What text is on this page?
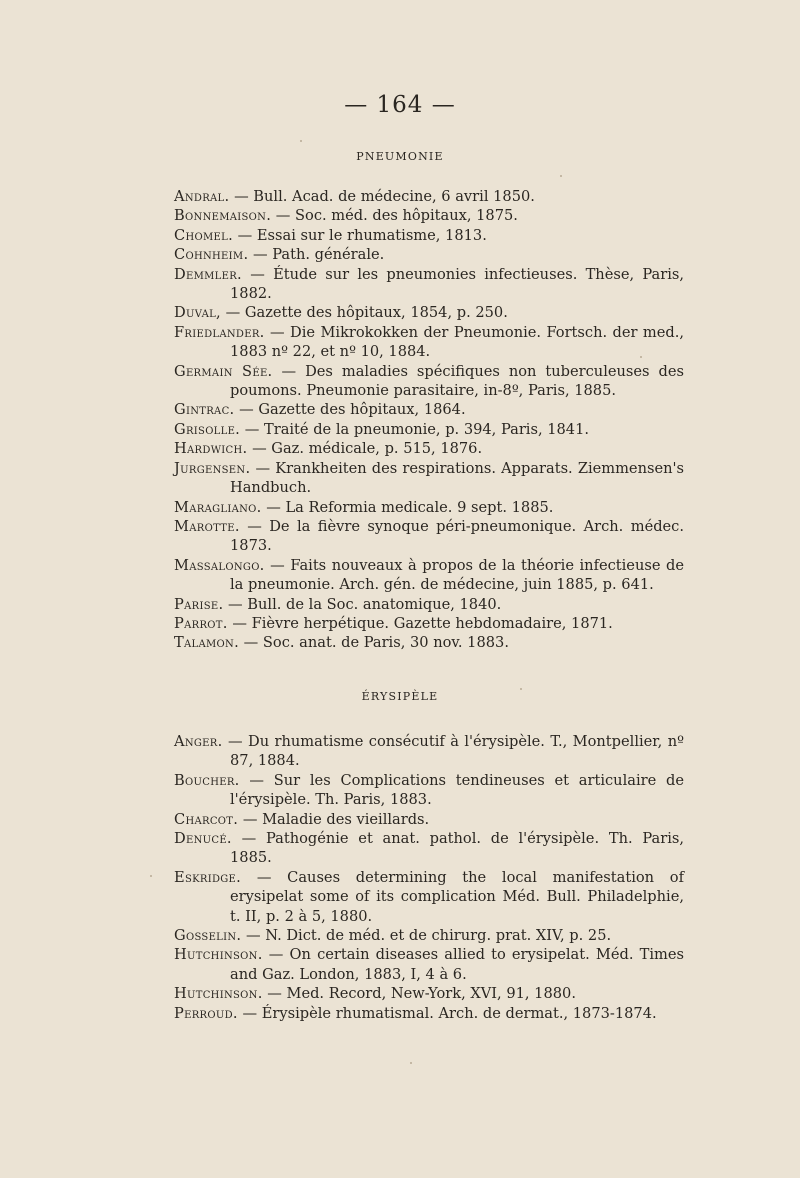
— 164 —
PNEUMONIE
Andral. — Bull. Acad. de médecine, 6 avril 1850.
Bonnemaison. — Soc. méd. des hôpitaux, 1875.
Chomel. — Essai sur le rhumatisme, 1813.
Cohnheim. — Path. générale.
Demmler. — Étude sur les pneumonies infectieuses. Thèse, Paris, 1882.
Duval, — Gazette des hôpitaux, 1854, p. 250.
Friedlander. — Die Mikrokokken der Pneumonie. Fortsch. der med., 1883 nº 22, et nº 10, 1884.
Germain Sée. — Des maladies spécifiques non tuberculeuses des poumons. Pneumonie parasitaire, in-8º, Paris, 1885.
Gintrac. — Gazette des hôpitaux, 1864.
Grisolle. — Traité de la pneumonie, p. 394, Paris, 1841.
Hardwich. — Gaz. médicale, p. 515, 1876.
Jurgensen. — Krankheiten des respirations. Apparats. Ziemmensen's Handbuch.
Maragliano. — La Reformia medicale. 9 sept. 1885.
Marotte. — De la fièvre synoque péri-pneumonique. Arch. médec. 1873.
Massalongo. — Faits nouveaux à propos de la théorie infectieuse de la pneumonie. Arch. gén. de médecine, juin 1885, p. 641.
Parise. — Bull. de la Soc. anatomique, 1840.
Parrot. — Fièvre herpétique. Gazette hebdomadaire, 1871.
Talamon. — Soc. anat. de Paris, 30 nov. 1883.
ÉRYSIPÈLE
Anger. — Du rhumatisme consécutif à l'érysipèle. T., Montpellier, nº 87, 1884.
Boucher. — Sur les Complications tendineuses et articulaire de l'érysipèle. Th. Paris, 1883.
Charcot. — Maladie des vieillards.
Denucé. — Pathogénie et anat. pathol. de l'érysipèle. Th. Paris, 1885.
Eskridge. — Causes determining the local manifestation of erysipelat some of its complication Méd. Bull. Philadelphie, t. II, p. 2 à 5, 1880.
Gosselin. — N. Dict. de méd. et de chirurg. prat. XIV, p. 25.
Hutchinson. — On certain diseases allied to erysipelat. Méd. Times and Gaz. London, 1883, I, 4 à 6.
Hutchinson. — Med. Record, New-York, XVI, 91, 1880.
Perroud. — Érysipèle rhumatismal. Arch. de dermat., 1873-1874.
